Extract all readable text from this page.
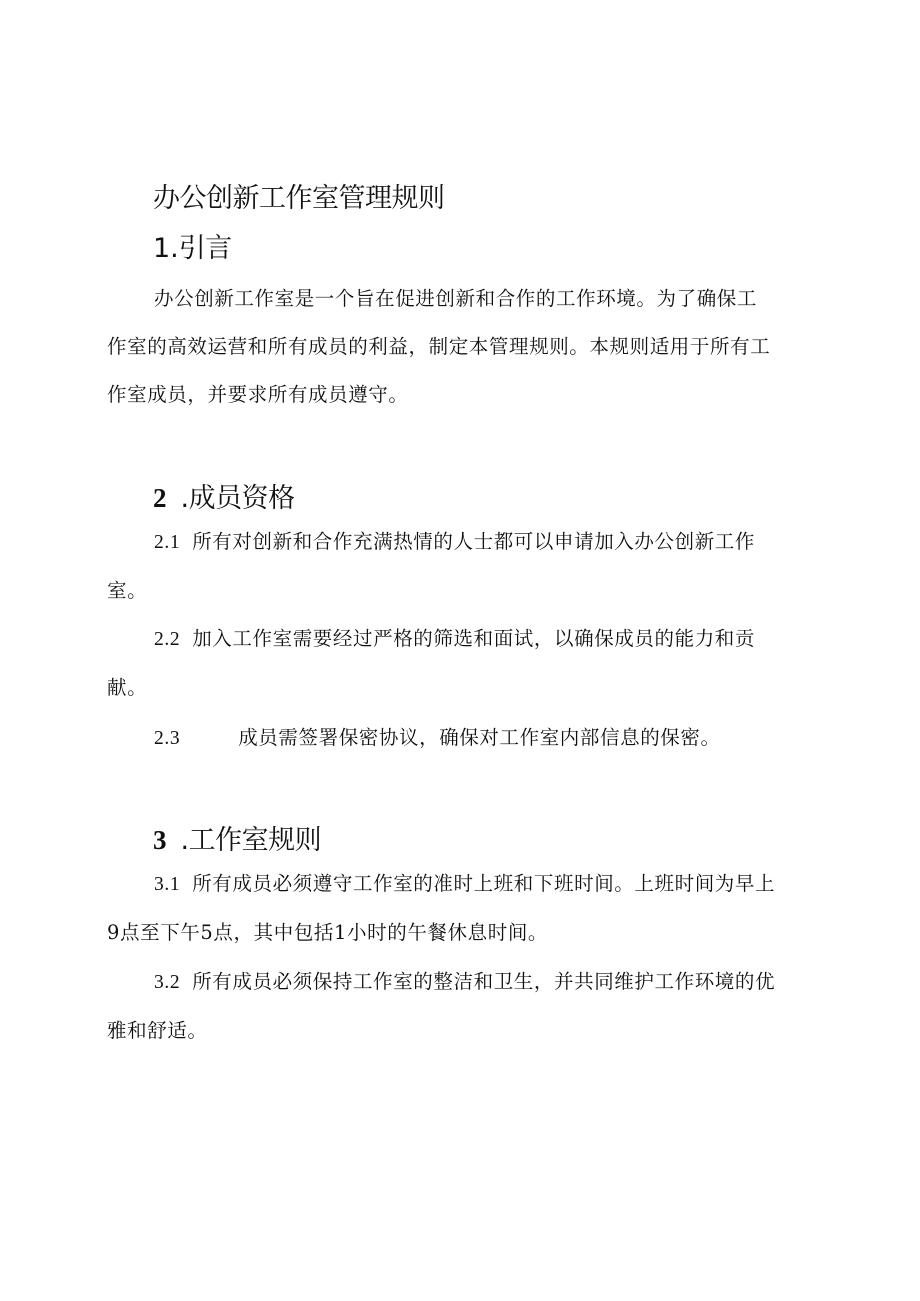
办公创新工作室管理规则
1. 引言

办公创新工作室是一个旨在促进创新和合作的工作环境。为了确保工
作室的高效运营和所有成员的利益，制定本管理规则。本规则适用于所有工
作室成员，并要求所有成员遵守。

2 .成员资格

2.1 所有对创新和合作充满热情的人士都可以申请加入办公创新工作
室。

2.2 加入工作室需要经过严格的筛选和面试，以确保成员的能力和贡
献。

2.3	成员需签署保密协议，确保对工作室内部信息的保密。

3 .工作室规则

3.1 所有成员必须遵守工作室的准时上班和下班时间。上班时间为早上
9点至下午5点，其中包括1小时的午餐休息时间。

3.2 所有成员必须保持工作室的整洁和卫生，并共同维护工作环境的优
雅和舒适。
